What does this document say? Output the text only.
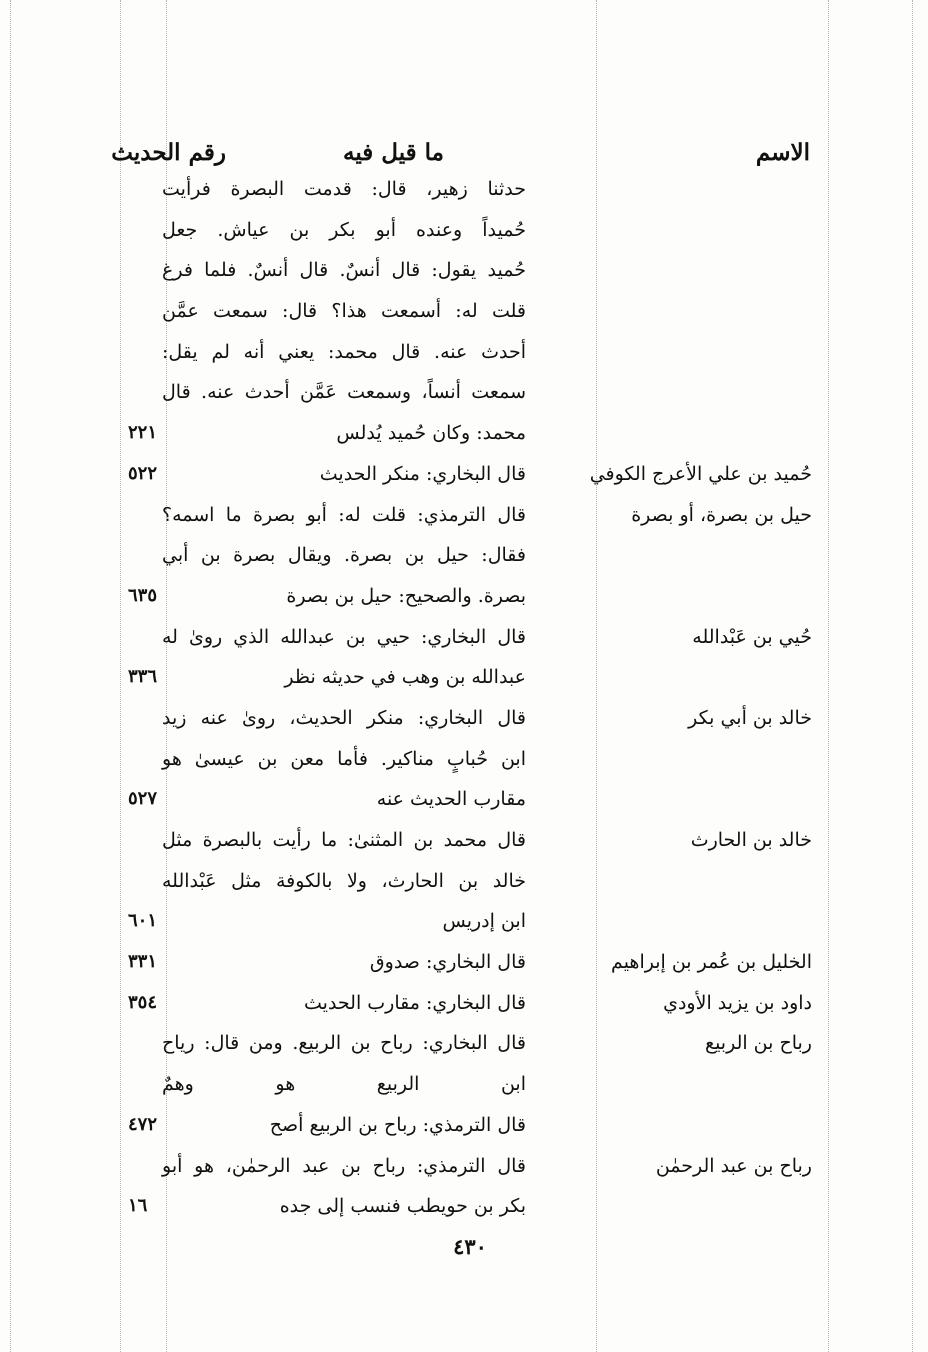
الاسم
ما قيل فيه
رقم الحديث
حدثنا زهير، قال: قدمت البصرة فرأيت
حُميداً وعنده أبو بكر بن عياش. جعل
حُميد يقول: قال أنسٌ. قال أنسٌ. فلما فرغ
قلت له: أسمعت هذا؟ قال: سمعت عمَّن
أحدث عنه. قال محمد: يعني أنه لم يقل:
سمعت أنساً، وسمعت عَمَّن أحدث عنه. قال
محمد: وكان حُميد يُدلس
٢٢١
حُميد بن علي الأعرج الكوفي
قال البخاري: منكر الحديث
٥٢٢
حيل بن بصرة، أو بصرة
قال الترمذي: قلت له: أبو بصرة ما اسمه؟
فقال: حيل بن بصرة. ويقال بصرة بن أبي
بصرة. والصحيح: حيل بن بصرة
٦٣٥
حُيي بن عَبْدالله
قال البخاري: حيي بن عبدالله الذي روىٰ له
عبدالله بن وهب في حديثه نظر
٣٣٦
خالد بن أبي بكر
قال البخاري: منكر الحديث، روىٰ عنه زيد
ابن حُبابٍ مناكير. فأما معن بن عيسىٰ هو
مقارب الحديث عنه
٥٢٧
خالد بن الحارث
قال محمد بن المثنىٰ: ما رأيت بالبصرة مثل
خالد بن الحارث، ولا بالكوفة مثل عَبْدالله
ابن إدريس
٦٠١
الخليل بن عُمر بن إبراهيم
قال البخاري: صدوق
٣٣١
داود بن يزيد الأودي
قال البخاري: مقارب الحديث
٣٥٤
رباح بن الربيع
قال البخاري: رباح بن الربيع. ومن قال: رياح
ابن الربيع هو وهمٌ
قال الترمذي: رباح بن الربيع أصح
٤٧٢
رباح بن عبد الرحمٰن
قال الترمذي: رباح بن عبد الرحمٰن، هو أبو
بكر بن حويطب فنسب إلى جده
١٦
٤٣٠
